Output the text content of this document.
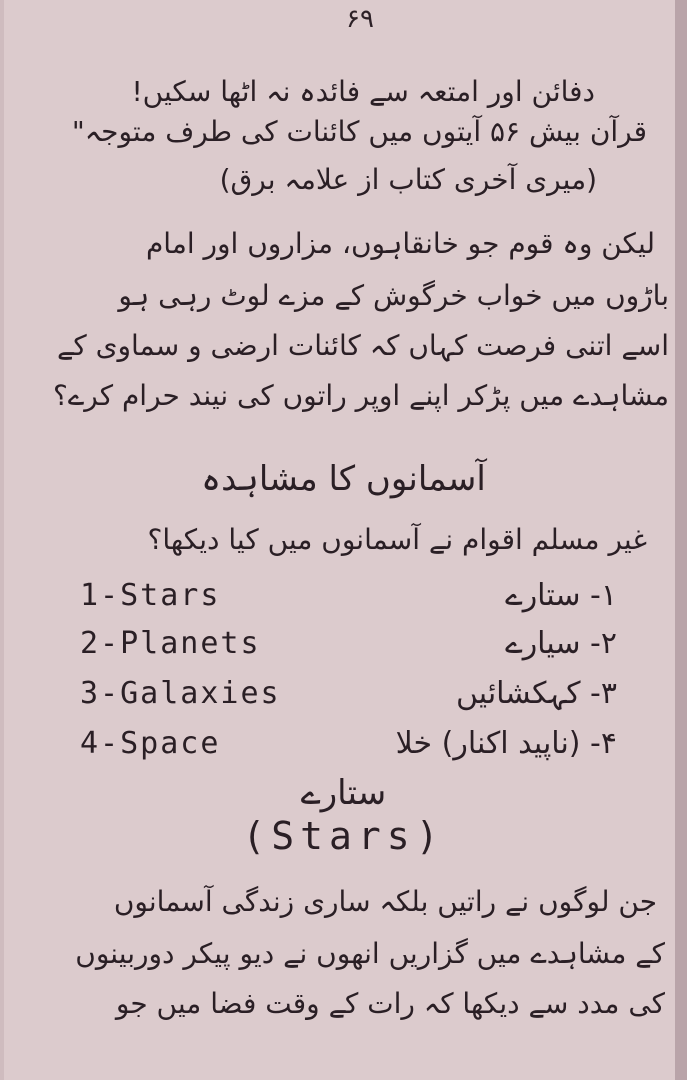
۶۹
دفائن اور امتعہ سے فائدہ نہ اٹھا سکیں!
قرآن بیش ۵۶ آیتوں میں کائنات کی طرف متوجہ"
(میری آخری کتاب از علامہ برق)
لیکن وہ قوم جو خانقاہوں، مزاروں اور امام
باڑوں میں خواب خرگوش کے مزے لوٹ رہی ہو
اسے اتنی فرصت کہاں کہ کائنات ارضی و سماوی کے
مشاہدے میں پڑکر اپنے اوپر راتوں کی نیند حرام کرے؟
آسمانوں کا مشاہدہ
غیر مسلم اقوام نے آسمانوں میں کیا دیکھا؟
1-Stars	۱- ستارے
2-Planets	۲- سیارے
3-Galaxies	۳- کہکشائیں
4-Space	۴- (ناپید اکنار) خلا
ستارے
(Stars)
جن لوگوں نے راتیں بلکہ ساری زندگی آسمانوں
کے مشاہدے میں گزاریں انھوں نے دیو پیکر دوربینوں
کی مدد سے دیکھا کہ رات کے وقت فضا میں جو
